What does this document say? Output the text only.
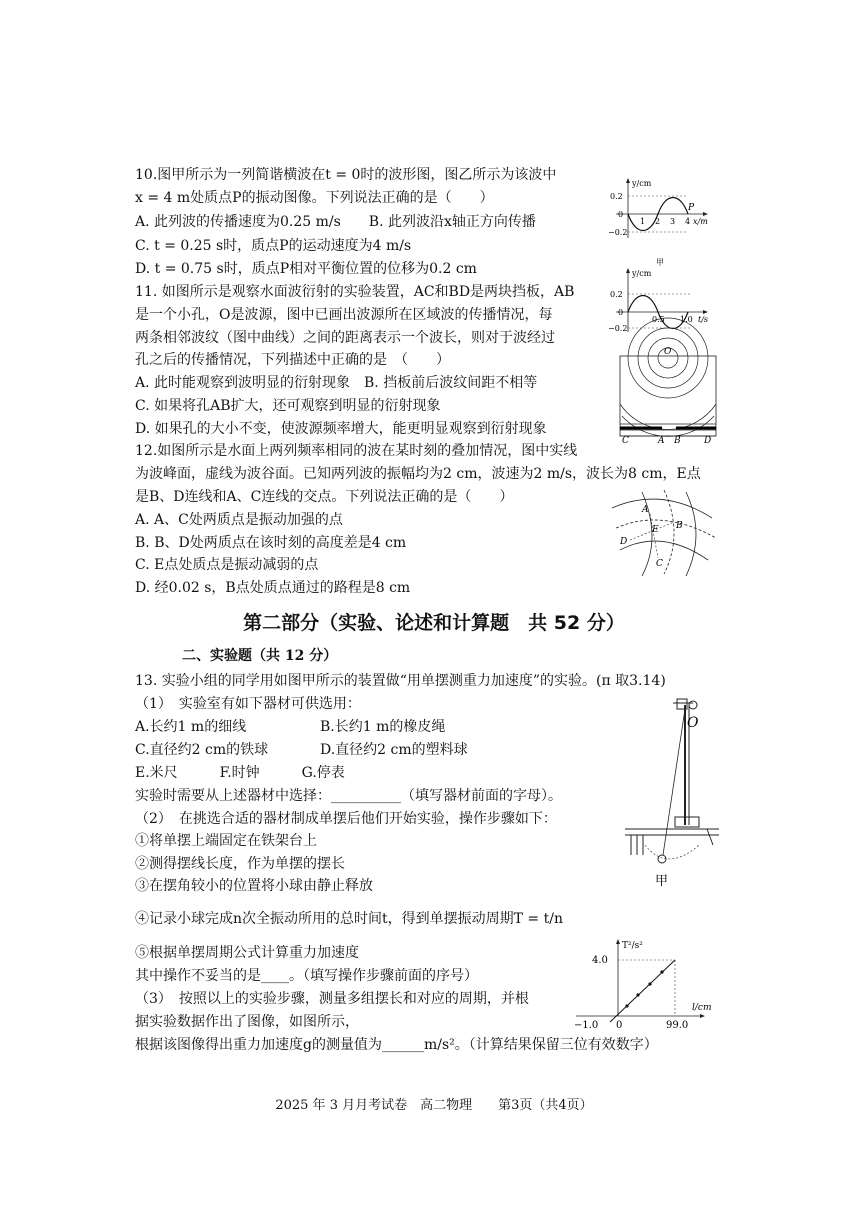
10.图甲所示为一列简谐横波在t = 0时的波形图，图乙所示为该波中
x = 4 m处质点P的振动图像。下列说法正确的是（　　）
A. 此列波的传播速度为0.25 m/s　　B. 此列波沿x轴正方向传播
C. t = 0.25 s时，质点P的运动速度为4 m/s
D. t = 0.75 s时，质点P相对平衡位置的位移为0.2 cm
11. 如图所示是观察水面波衍射的实验装置，AC和BD是两块挡板，AB
是一个小孔，O是波源，图中已画出波源所在区域波的传播情况，每
两条相邻波纹（图中曲线）之间的距离表示一个波长，则对于波经过
孔之后的传播情况，下列描述中正确的是　（　　）
A. 此时能观察到波明显的衍射现象　B. 挡板前后波纹间距不相等
C. 如果将孔AB扩大，还可观察到明显的衍射现象
D. 如果孔的大小不变，使波源频率增大，能更明显观察到衍射现象
12.如图所示是水面上两列频率相同的波在某时刻的叠加情况，图中实线
为波峰面，虚线为波谷面。已知两列波的振幅均为2 cm，波速为2 m/s，波长为8 cm，E点
是B、D连线和A、C连线的交点。下列说法正确的是（　　）
A. A、C处两质点是振动加强的点
B. B、D处两质点在该时刻的高度差是4 cm
C. E点处质点是振动减弱的点
D. 经0.02 s，B点处质点通过的路程是8 cm
第二部分（实验、论述和计算题　共 52 分）
二、实验题（共 12 分）
13. 实验小组的同学用如图甲所示的装置做“用单摆测重力加速度”的实验。(π 取3.14)
（1）　实验室有如下器材可供选用：
A.长约1 m的细线	B.长约1 m的橡皮绳
C.直径约2 cm的铁球	D.直径约2 cm的塑料球
E.米尺　　　F.时钟　　　G.停表
实验时需要从上述器材中选择：__________（填写器材前面的字母）。
（2）　在挑选合适的器材制成单摆后他们开始实验，操作步骤如下：
①将单摆上端固定在铁架台上
②测得摆线长度，作为单摆的摆长
③在摆角较小的位置将小球由静止释放
④记录小球完成n次全振动所用的总时间t，得到单摆振动周期T = t/n
⑤根据单摆周期公式计算重力加速度
其中操作不妥当的是____。（填写操作步骤前面的序号）
（3）　按照以上的实验步骤，测量多组摆长和对应的周期，并根
据实验数据作出了图像，如图所示，
根据该图像得出重力加速度g的测量值为______m/s²。（计算结果保留三位有效数字）
2025 年 3 月月考试卷　高二物理　　第3页（共4页）
y/cm
0.2
0
−0.2
1 2 3 4 x/m
P
甲
y/cm
0.2
0
−0.2
0.5 1.0 t/s
O
C	A B	D
A
B
C
D
E
O
甲
T²/s²
4.0
l/cm
−1.0 0	99.0
